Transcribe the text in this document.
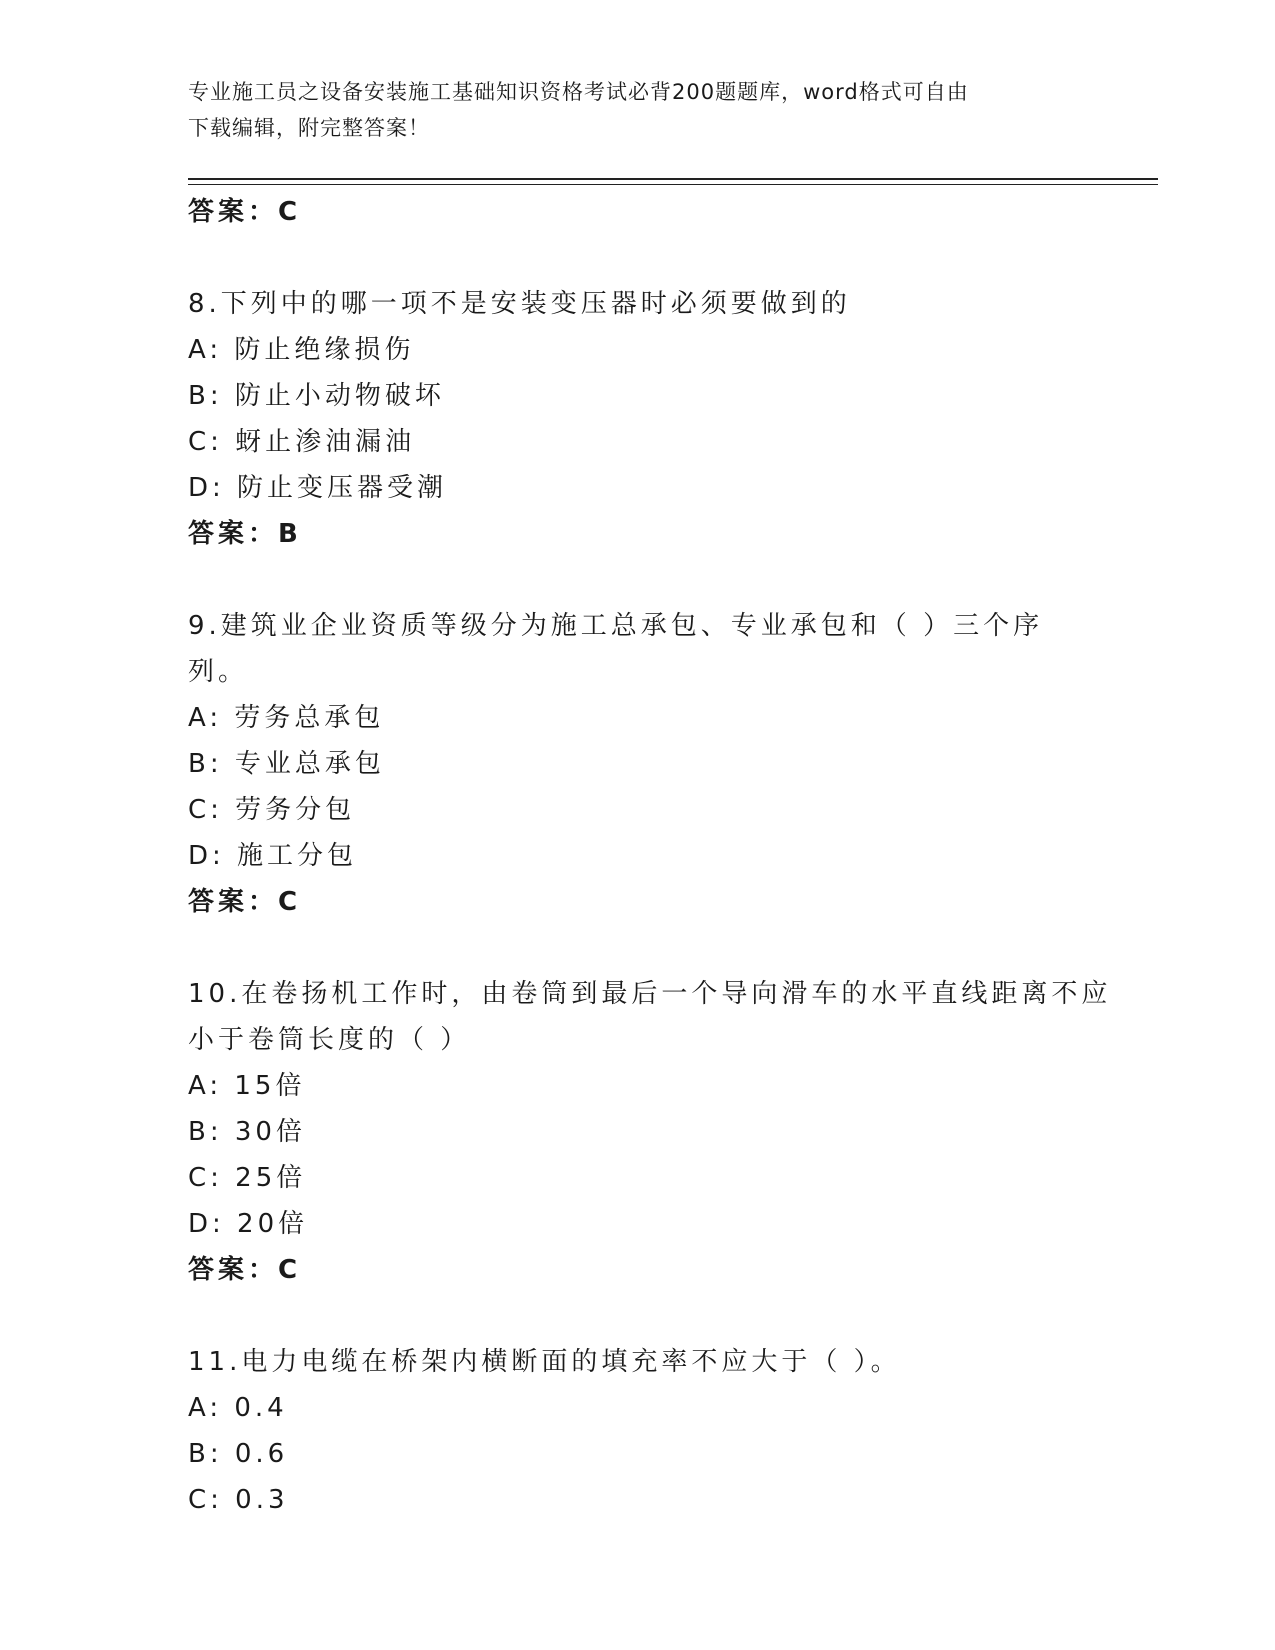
专业施工员之设备安装施工基础知识资格考试必背200题题库，word格式可自由
下载编辑，附完整答案！
答案：C
8.下列中的哪一项不是安装变压器时必须要做到的
A: 防止绝缘损伤
B: 防止小动物破坏
C: 蚜止渗油漏油
D: 防止变压器受潮
答案：B
9.建筑业企业资质等级分为施工总承包、专业承包和（ ）三个序列。
A: 劳务总承包
B: 专业总承包
C: 劳务分包
D: 施工分包
答案：C
10.在卷扬机工作时，由卷筒到最后一个导向滑车的水平直线距离不应
小于卷筒长度的（ ）
A: 15倍
B: 30倍
C: 25倍
D: 20倍
答案：C
11.电力电缆在桥架内横断面的填充率不应大于（ ）。
A: 0.4
B: 0.6
C: 0.3
